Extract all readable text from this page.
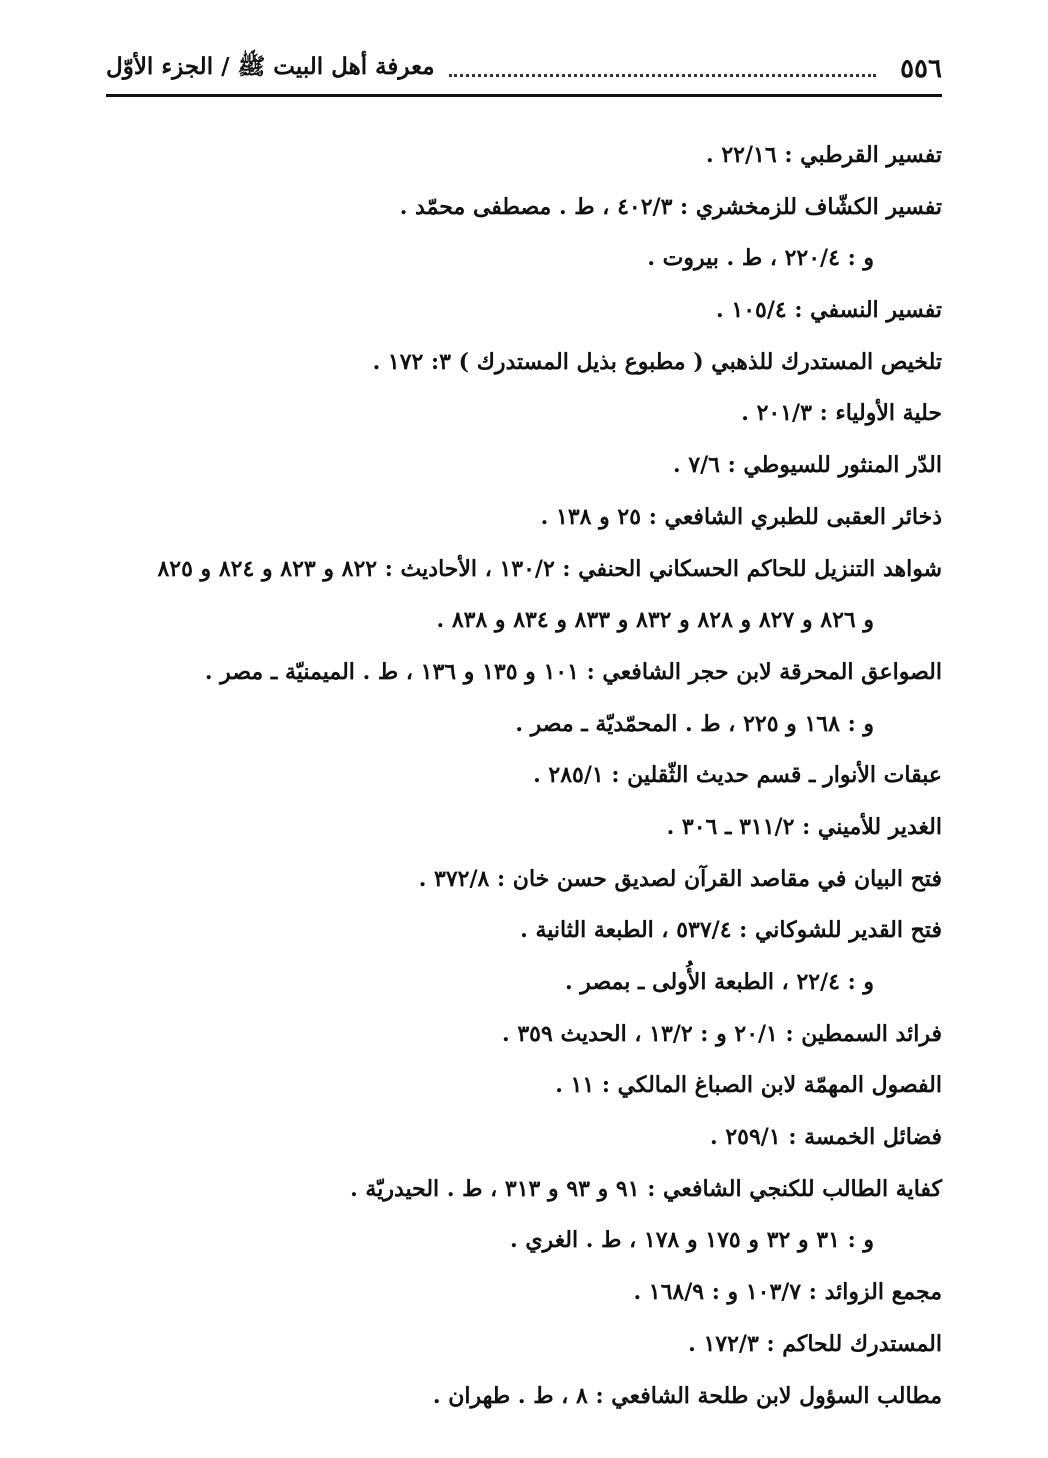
٥٥٦
معرفة أهل البيت ﷺ / الجزء الأوّل
تفسير القرطبي : ٢٢/١٦ .
تفسير الكشّاف للزمخشري : ٤٠٢/٣ ، ط . مصطفى محمّد .
و : ٢٢٠/٤ ، ط . بيروت .
تفسير النسفي : ١٠٥/٤ .
تلخيص المستدرك للذهبي ( مطبوع بذيل المستدرك ) ٣: ١٧٢ .
حلية الأولياء : ٢٠١/٣ .
الدّر المنثور للسيوطي : ٧/٦ .
ذخائر العقبى للطبري الشافعي : ٢٥ و ١٣٨ .
شواهد التنزيل للحاكم الحسكاني الحنفي : ١٣٠/٢ ، الأحاديث : ٨٢٢ و ٨٢٣ و ٨٢٤ و ٨٢٥
و ٨٢٦ و ٨٢٧ و ٨٢٨ و ٨٣٢ و ٨٣٣ و ٨٣٤ و ٨٣٨ .
الصواعق المحرقة لابن حجر الشافعي : ١٠١ و ١٣٥ و ١٣٦ ، ط . الميمنيّة ـ مصر .
و : ١٦٨ و ٢٢٥ ، ط . المحمّديّة ـ مصر .
عبقات الأنوار ـ قسم حديث الثّقلين : ٢٨٥/١ .
الغدير للأميني : ٣١١/٢ ـ ٣٠٦ .
فتح البيان في مقاصد القرآن لصديق حسن خان : ٣٧٢/٨ .
فتح القدير للشوكاني : ٥٣٧/٤ ، الطبعة الثانية .
و : ٢٢/٤ ، الطبعة الأُولى ـ بمصر .
فرائد السمطين : ٢٠/١ و : ١٣/٢ ، الحديث ٣٥٩ .
الفصول المهمّة لابن الصباغ المالكي : ١١ .
فضائل الخمسة : ٢٥٩/١ .
كفاية الطالب للكنجي الشافعي : ٩١ و ٩٣ و ٣١٣ ، ط . الحيدريّة .
و : ٣١ و ٣٢ و ١٧٥ و ١٧٨ ، ط . الغري .
مجمع الزوائد : ١٠٣/٧ و : ١٦٨/٩ .
المستدرك للحاكم : ١٧٢/٣ .
مطالب السؤول لابن طلحة الشافعي : ٨ ، ط . طهران .
